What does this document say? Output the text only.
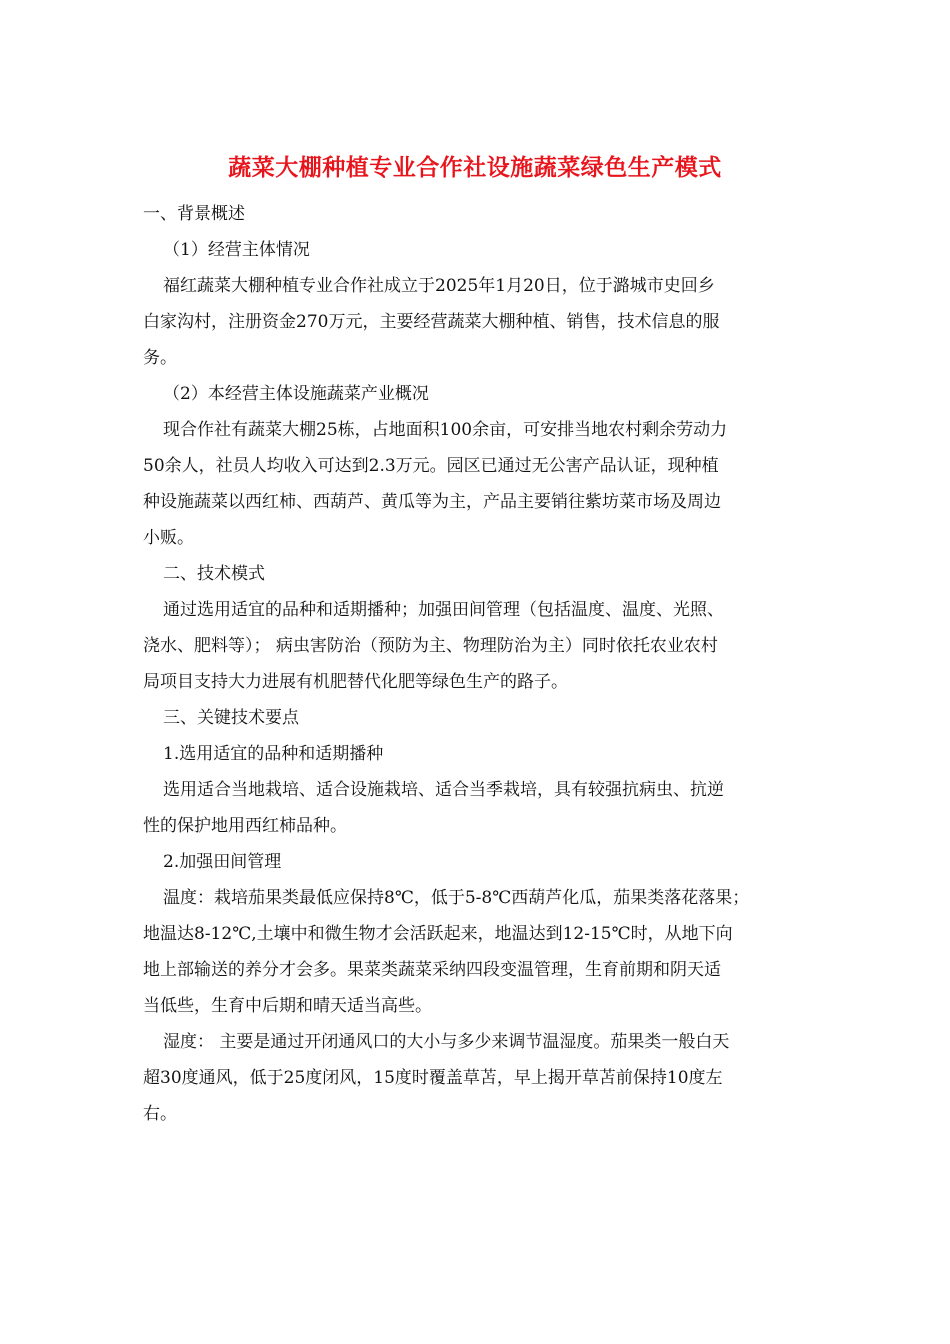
蔬菜大棚种植专业合作社设施蔬菜绿色生产模式

一、背景概述

（1）经营主体情况

福红蔬菜大棚种植专业合作社成立于2025年1月20日，位于潞城市史回乡

白家沟村，注册资金270万元，主要经营蔬菜大棚种植、销售，技术信息的服

务。

（2）本经营主体设施蔬菜产业概况

现合作社有蔬菜大棚25栋，占地面积100余亩，可安排当地农村剩余劳动力

50余人，社员人均收入可达到2.3万元。园区已通过无公害产品认证，现种植

种设施蔬菜以西红柿、西葫芦、黄瓜等为主，产品主要销往紫坊菜市场及周边

小贩。

二、技术模式

通过选用适宜的品种和适期播种；加强田间管理（包括温度、温度、光照、

浇水、肥料等）； 病虫害防治（预防为主、物理防治为主）同时依托农业农村

局项目支持大力进展有机肥替代化肥等绿色生产的路子。

三、关键技术要点

1.选用适宜的品种和适期播种

选用适合当地栽培、适合设施栽培、适合当季栽培，具有较强抗病虫、抗逆

性的保护地用西红柿品种。

2.加强田间管理

温度：栽培茄果类最低应保持8℃，低于5-8℃西葫芦化瓜，茄果类落花落果；

地温达8-12℃,土壤中和微生物才会活跃起来，地温达到12-15℃时，从地下向

地上部输送的养分才会多。果菜类蔬菜采纳四段变温管理，生育前期和阴天适

当低些，生育中后期和晴天适当高些。

湿度： 主要是通过开闭通风口的大小与多少来调节温湿度。茄果类一般白天

超30度通风，低于25度闭风，15度时覆盖草苫，早上揭开草苫前保持10度左

右。
